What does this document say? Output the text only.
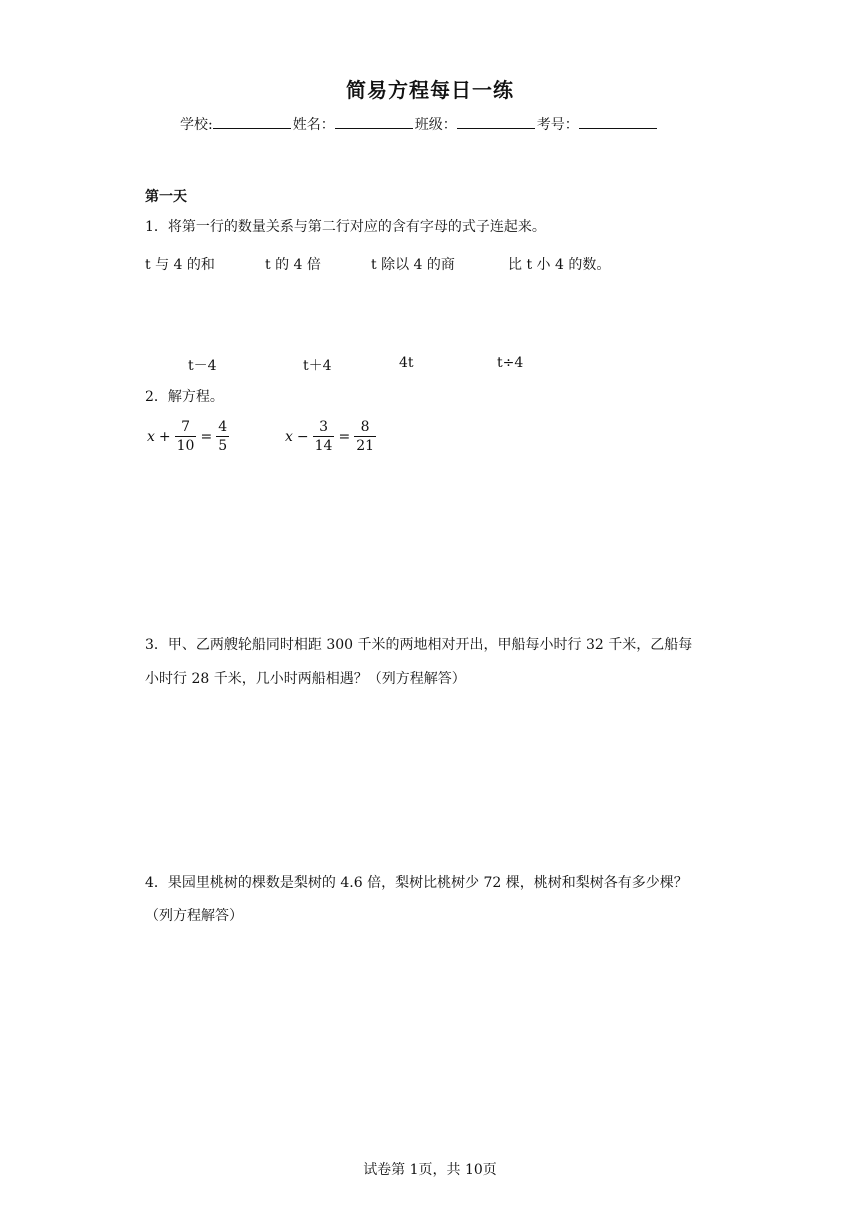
简易方程每日一练
学校:	姓名：	班级：	考号：
第一天
1．将第一行的数量关系与第二行对应的含有字母的式子连起来。
t 与 4 的和	t 的 4 倍	t 除以 4 的商	比 t 小 4 的数。
t－4	t＋4	4t	t÷4
2．解方程。
$x + \frac{7}{10} = \frac{4}{5}$	$x - \frac{3}{14} = \frac{8}{21}$
3．甲、乙两艘轮船同时相距 300 千米的两地相对开出，甲船每小时行 32 千米，乙船每
小时行 28 千米，几小时两船相遇？（列方程解答）
4．果园里桃树的棵数是梨树的 4.6 倍，梨树比桃树少 72 棵，桃树和梨树各有多少棵？
（列方程解答）
试卷第 1页，共 10页
